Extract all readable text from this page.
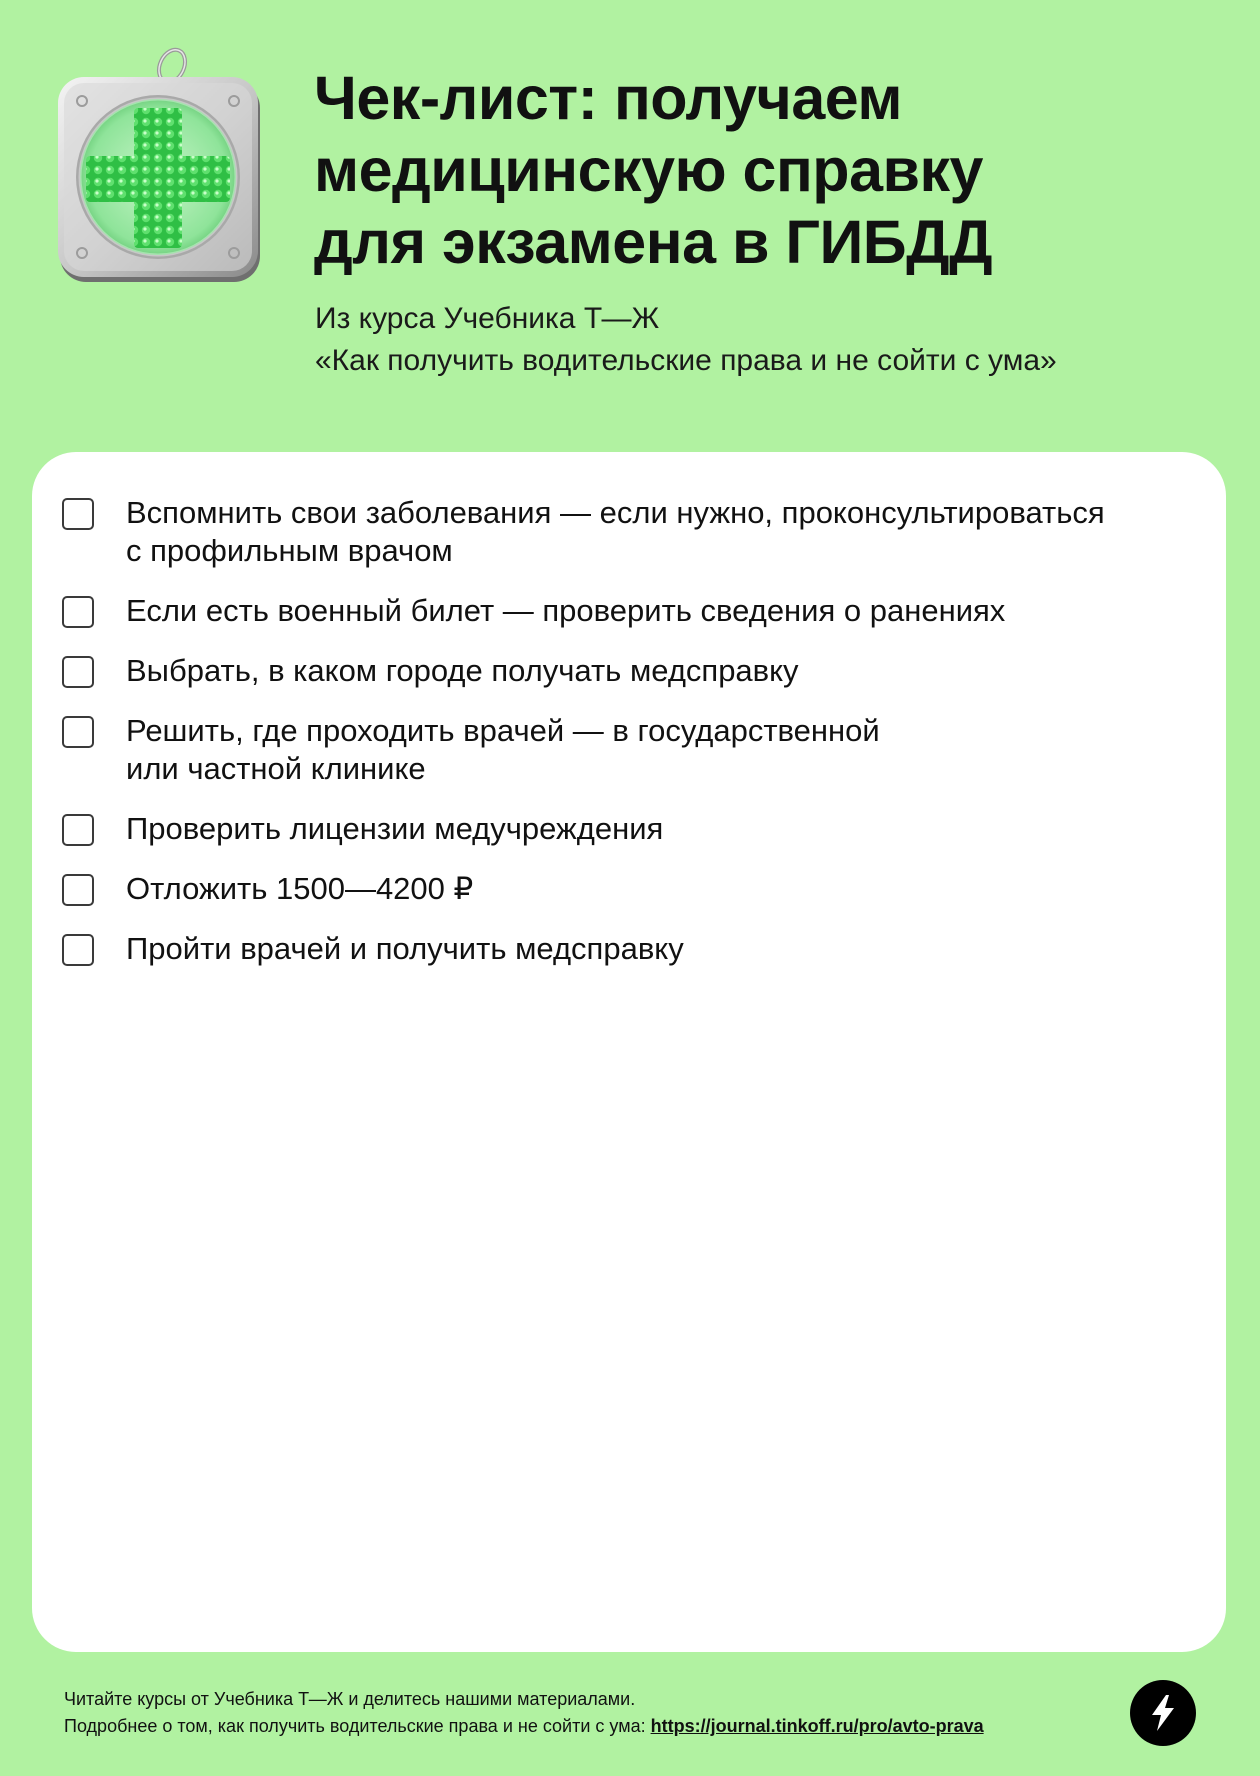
Чек-лист: получаем
медицинскую справку
для экзамена в ГИБДД
Из курса Учебника Т—Ж
«Как получить водительские права и не сойти с ума»
Вспомнить свои заболевания — если нужно, проконсультироваться
с профильным врачом
Если есть военный билет — проверить сведения о ранениях
Выбрать, в каком городе получать медсправку
Решить, где проходить врачей — в государственной
или частной клинике
Проверить лицензии медучреждения
Отложить 1500—4200 ₽
Пройти врачей и получить медсправку
Читайте курсы от Учебника Т—Ж и делитесь нашими материалами.
Подробнее о том, как получить водительские права и не сойти с ума: https://journal.tinkoff.ru/pro/avto-prava
